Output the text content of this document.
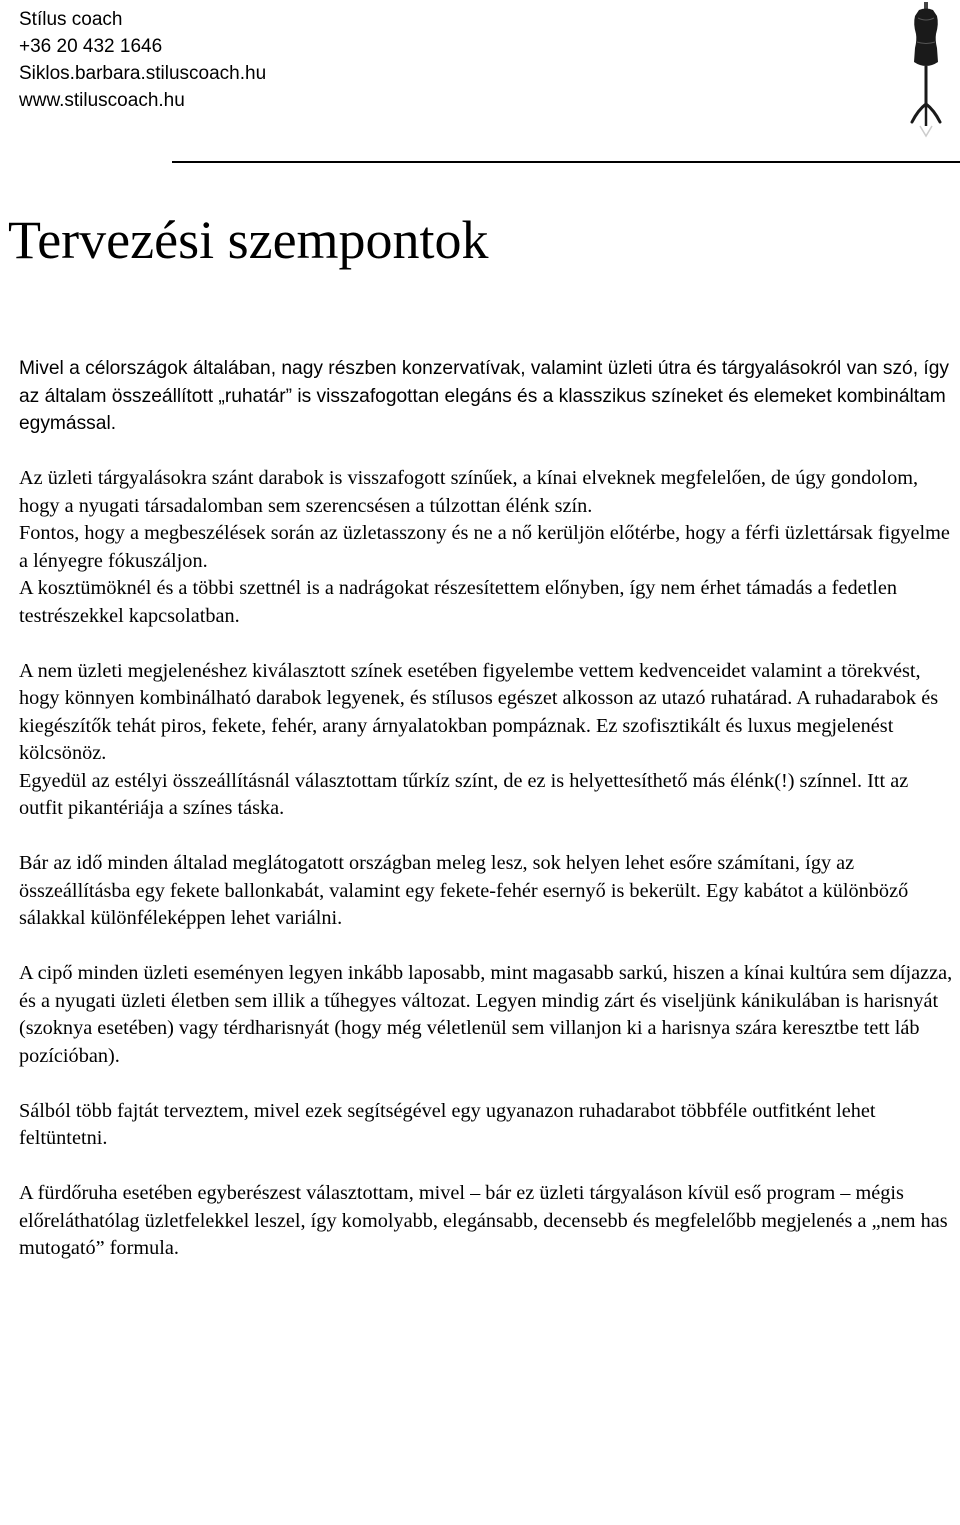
Stílus coach

+36 20 432 1646

Siklos.barbara.stiluscoach.hu

www.stiluscoach.hu

Tervezési szempontok

Mivel a célországok általában, nagy részben konzervatívak, valamint üzleti útra és tárgyalásokról van szó, így az általam összeállított „ruhatár” is visszafogottan elegáns és a klasszikus színeket és elemeket kombináltam egymással.

Az üzleti tárgyalásokra szánt darabok is visszafogott színűek, a kínai elveknek megfelelően, de úgy gondolom, hogy a nyugati társadalomban sem szerencsésen a túlzottan élénk szín.

Fontos, hogy a megbeszélések során az üzletasszony és ne a nő kerüljön előtérbe, hogy a férfi üzlettársak figyelme a lényegre fókuszáljon.

A kosztümöknél és a többi szettnél is a nadrágokat részesítettem előnyben, így nem érhet támadás a fedetlen testrészekkel kapcsolatban.

A nem üzleti megjelenéshez kiválasztott színek esetében figyelembe vettem kedvenceidet valamint a törekvést, hogy könnyen kombinálható darabok legyenek, és stílusos egészet alkosson az utazó ruhatárad. A ruhadarabok és kiegészítők tehát piros, fekete, fehér, arany árnyalatokban pompáznak. Ez szofisztikált és luxus megjelenést kölcsönöz.

Egyedül az estélyi összeállításnál választottam tűrkíz színt, de ez is helyettesíthető más élénk(!) színnel. Itt az outfit pikantériája a színes táska.

Bár az idő minden általad meglátogatott országban meleg lesz, sok helyen lehet esőre számítani, így az összeállításba egy fekete ballonkabát, valamint egy fekete-fehér esernyő is bekerült. Egy kabátot a különböző sálakkal különféleképpen lehet variálni.

A cipő minden üzleti eseményen legyen inkább laposabb, mint magasabb sarkú, hiszen a kínai kultúra sem díjazza, és a nyugati üzleti életben sem illik a tűhegyes változat. Legyen mindig zárt és viseljünk kánikulában is harisnyát (szoknya esetében) vagy térdharisnyát (hogy még véletlenül sem villanjon ki a harisnya szára keresztbe tett láb pozícióban).

Sálból több fajtát terveztem, mivel ezek segítségével egy ugyanazon ruhadarabot többféle outfitként lehet feltüntetni.

A fürdőruha esetében egyberészest választottam, mivel – bár ez üzleti tárgyaláson kívül eső program – mégis előreláthatólag üzletfelekkel leszel, így komolyabb, elegánsabb, decensebb és megfelelőbb megjelenés a „nem has mutogató” formula.
